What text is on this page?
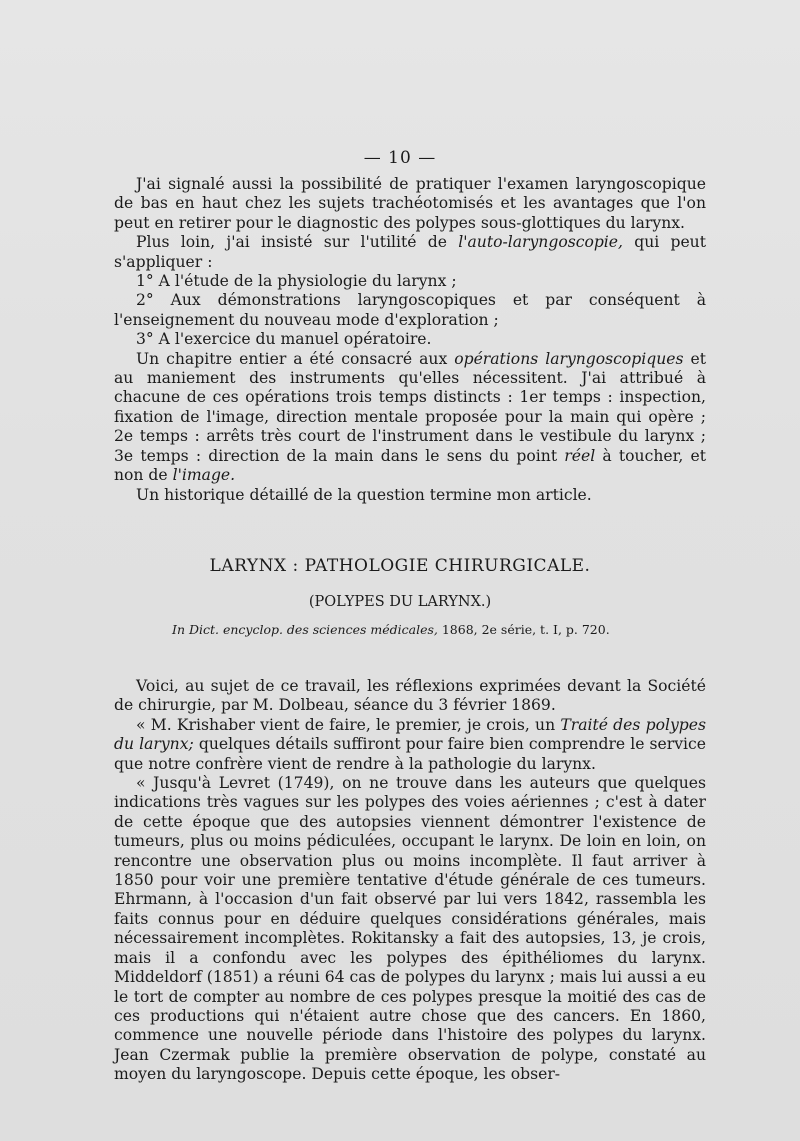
— 10 —

J'ai signalé aussi la possibilité de pratiquer l'examen laryngoscopique de bas en haut chez les sujets trachéotomisés et les avantages que l'on peut en retirer pour le diagnostic des polypes sous-glottiques du larynx.

Plus loin, j'ai insisté sur l'utilité de l'auto-laryngoscopie, qui peut s'appliquer :

1° A l'étude de la physiologie du larynx ;

2° Aux démonstrations laryngoscopiques et par conséquent à l'enseignement du nouveau mode d'exploration ;

3° A l'exercice du manuel opératoire.

Un chapitre entier a été consacré aux opérations laryngoscopiques et au maniement des instruments qu'elles nécessitent. J'ai attribué à chacune de ces opérations trois temps distincts : 1er temps : inspection, fixation de l'image, direction mentale proposée pour la main qui opère ; 2e temps : arrêts très court de l'instrument dans le vestibule du larynx ; 3e temps : direction de la main dans le sens du point réel à toucher, et non de l'image.

Un historique détaillé de la question termine mon article.

LARYNX : PATHOLOGIE CHIRURGICALE.
(POLYPES DU LARYNX.)
In Dict. encyclop. des sciences médicales, 1868, 2e série, t. I, p. 720.

Voici, au sujet de ce travail, les réflexions exprimées devant la Société de chirurgie, par M. Dolbeau, séance du 3 février 1869.

« M. Krishaber vient de faire, le premier, je crois, un Traité des polypes du larynx; quelques détails suffiront pour faire bien comprendre le service que notre confrère vient de rendre à la pathologie du larynx.

« Jusqu'à Levret (1749), on ne trouve dans les auteurs que quelques indications très vagues sur les polypes des voies aériennes ; c'est à dater de cette époque que des autopsies viennent démontrer l'existence de tumeurs, plus ou moins pédiculées, occupant le larynx. De loin en loin, on rencontre une observation plus ou moins incomplète. Il faut arriver à 1850 pour voir une première tentative d'étude générale de ces tumeurs. Ehrmann, à l'occasion d'un fait observé par lui vers 1842, rassembla les faits connus pour en déduire quelques considérations générales, mais nécessairement incomplètes. Rokitansky a fait des autopsies, 13, je crois, mais il a confondu avec les polypes des épithéliomes du larynx. Middeldorf (1851) a réuni 64 cas de polypes du larynx ; mais lui aussi a eu le tort de compter au nombre de ces polypes presque la moitié des cas de ces productions qui n'étaient autre chose que des cancers. En 1860, commence une nouvelle période dans l'histoire des polypes du larynx. Jean Czermak publie la première observation de polype, constaté au moyen du laryngoscope. Depuis cette époque, les obser-
